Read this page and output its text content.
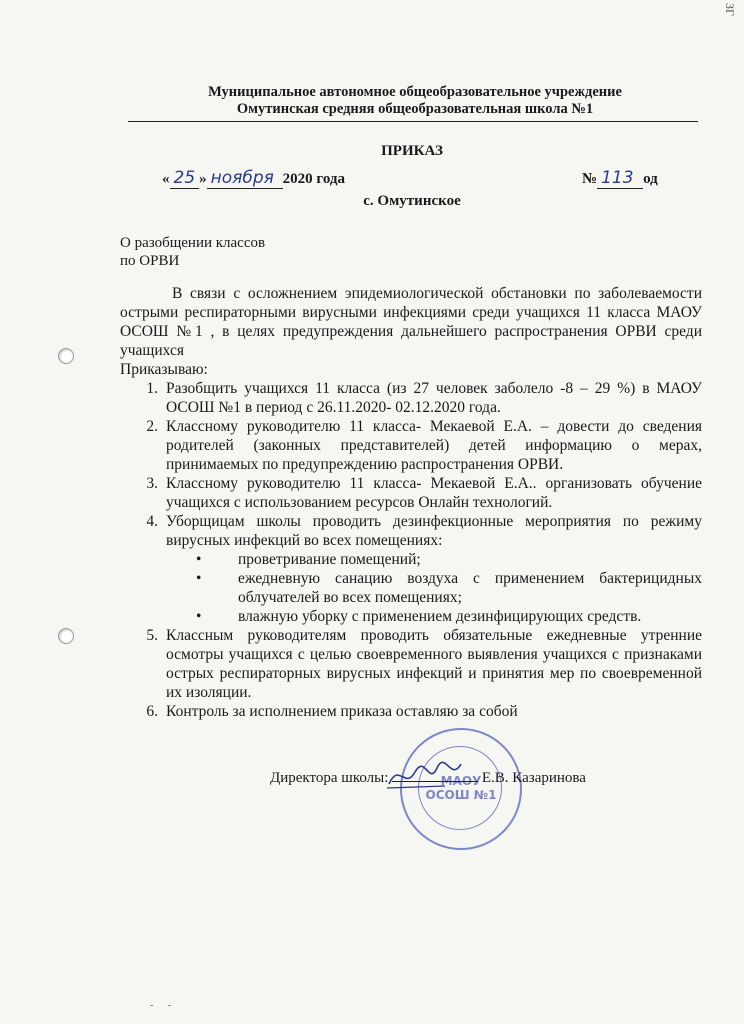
ЗГ
Муниципальное автономное общеобразовательное учреждение
Омутинская средняя общеобразовательная школа №1
ПРИКАЗ
« 25 » ноября 2020 года	№ 113 од
с. Омутинское
О разобщении классов
по ОРВИ

В связи с осложнением эпидемиологической обстановки по заболеваемости острыми респираторными вирусными инфекциями среди учащихся 11 класса МАОУ ОСОШ №1 , в целях предупреждения дальнейшего распространения ОРВИ среди учащихся

Приказываю:
1. Разобщить учащихся 11 класса (из 27 человек заболело -8 – 29 %) в МАОУ ОСОШ №1 в период с 26.11.2020- 02.12.2020 года.
2. Классному руководителю 11 класса- Мекаевой Е.А. – довести до сведения родителей (законных представителей) детей информацию о мерах, принимаемых по предупреждению распространения ОРВИ.
3. Классному руководителю 11 класса- Мекаевой Е.А.. организовать обучение учащихся с использованием ресурсов Онлайн технологий.
4. Уборщицам школы проводить дезинфекционные мероприятия по режиму вирусных инфекций во всех помещениях:
•
проветривание помещений;
•
ежедневную санацию воздуха с применением бактерицидных облучателей во всех помещениях;
•
влажную уборку с применением дезинфицирующих средств.
5. Классным руководителям проводить обязательные ежедневные утренние осмотры учащихся с целью своевременного выявления учащихся с признаками острых респираторных вирусных инфекций и принятия мер по своевременной их изоляции.
6. Контроль за исполнением приказа оставляю за собой
МАОУ
ОСОШ №1
Директора школы:	Е.В. Казаринова
- -
